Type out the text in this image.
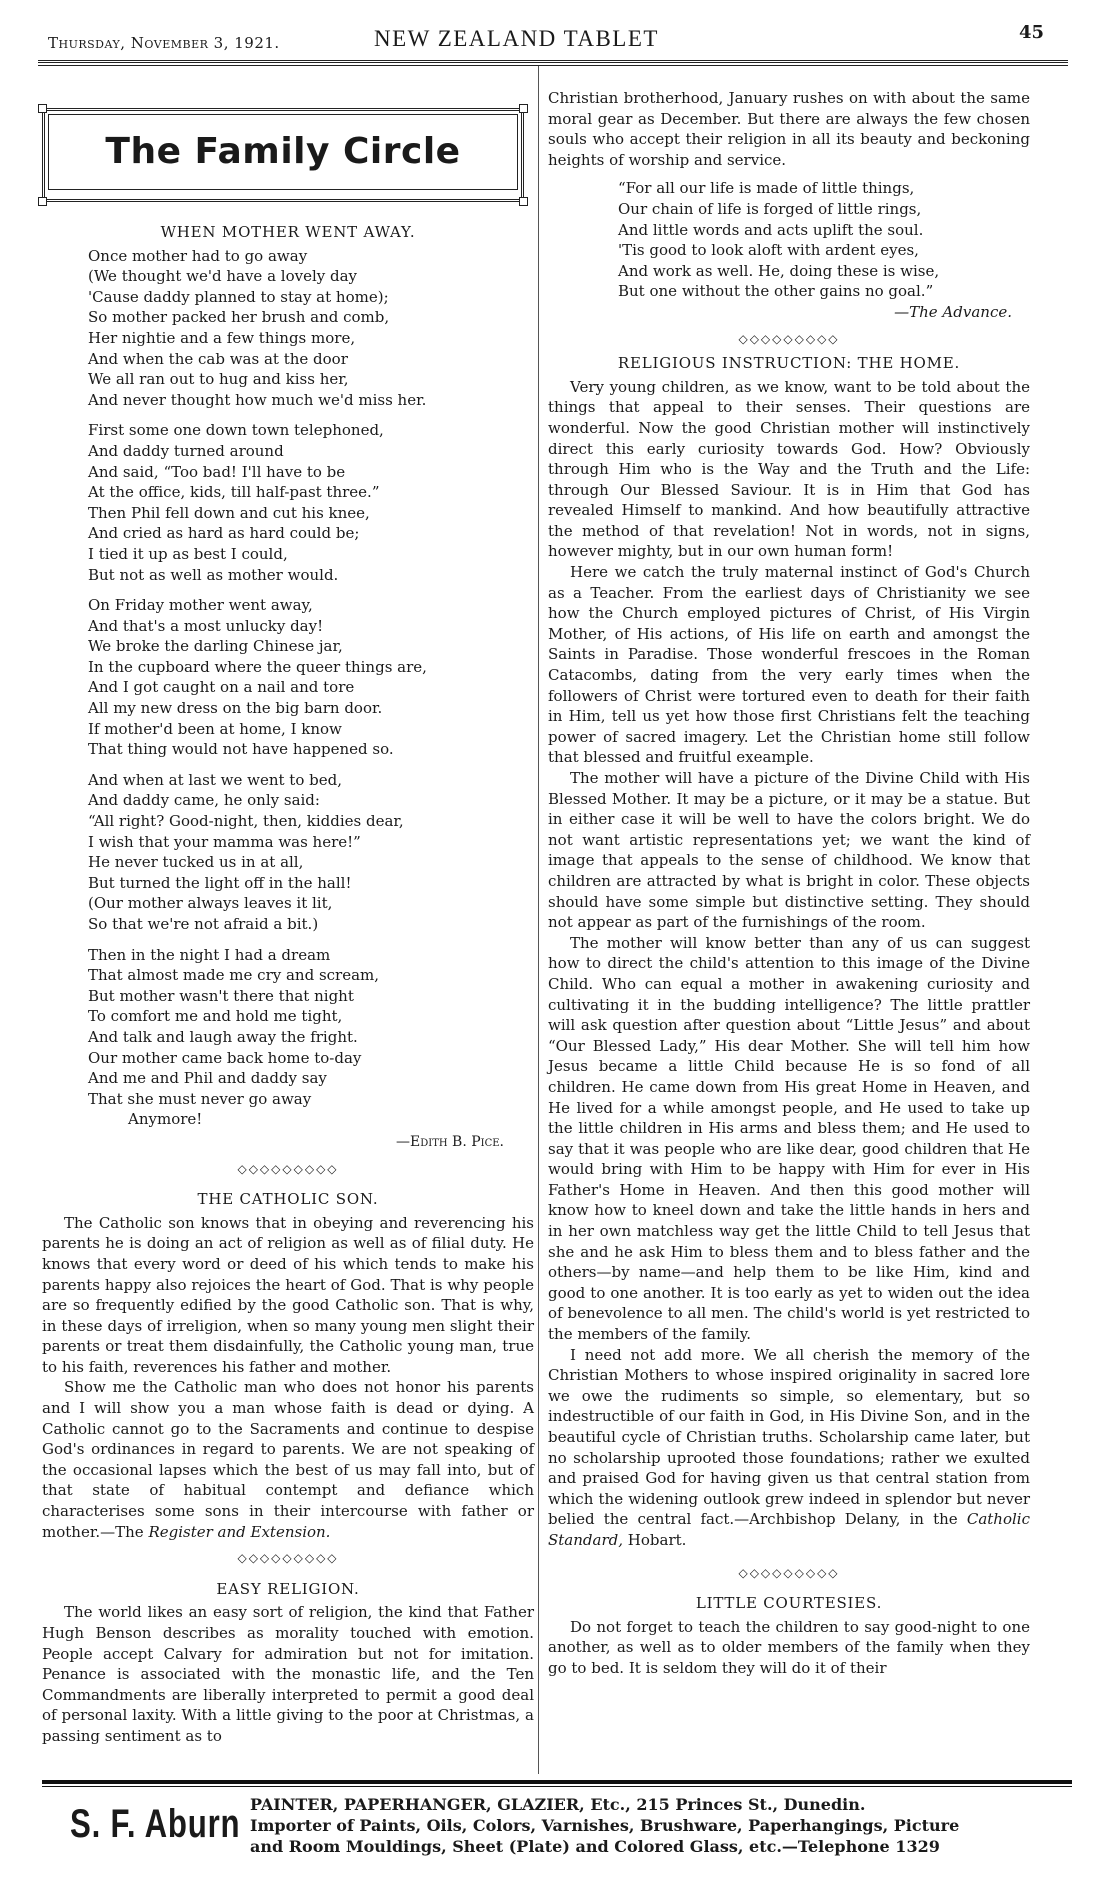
Thursday, November 3, 1921.	NEW ZEALAND TABLET	45
The Family Circle
WHEN MOTHER WENT AWAY.
Once mother had to go away
(We thought we'd have a lovely day
'Cause daddy planned to stay at home);
So mother packed her brush and comb,
Her nightie and a few things more,
And when the cab was at the door
We all ran out to hug and kiss her,
And never thought how much we'd miss her.
First some one down town telephoned,
And daddy turned around
And said, “Too bad! I'll have to be
At the office, kids, till half-past three.”
Then Phil fell down and cut his knee,
And cried as hard as hard could be;
I tied it up as best I could,
But not as well as mother would.
On Friday mother went away,
And that's a most unlucky day!
We broke the darling Chinese jar,
In the cupboard where the queer things are,
And I got caught on a nail and tore
All my new dress on the big barn door.
If mother'd been at home, I know
That thing would not have happened so.
And when at last we went to bed,
And daddy came, he only said:
“All right? Good-night, then, kiddies dear,
I wish that your mamma was here!”
He never tucked us in at all,
But turned the light off in the hall!
(Our mother always leaves it lit,
So that we're not afraid a bit.)
Then in the night I had a dream
That almost made me cry and scream,
But mother wasn't there that night
To comfort me and hold me tight,
And talk and laugh away the fright.
Our mother came back home to-day
And me and Phil and daddy say
That she must never go away
Anymore!
—Edith B. Pice.
◇◇◇◇◇◇◇◇◇
THE CATHOLIC SON.

The Catholic son knows that in obeying and reverencing his parents he is doing an act of religion as well as of filial duty. He knows that every word or deed of his which tends to make his parents happy also rejoices the heart of God. That is why people are so frequently edified by the good Catholic son. That is why, in these days of irreligion, when so many young men slight their parents or treat them disdainfully, the Catholic young man, true to his faith, reverences his father and mother.

Show me the Catholic man who does not honor his parents and I will show you a man whose faith is dead or dying. A Catholic cannot go to the Sacraments and continue to despise God's ordinances in regard to parents. We are not speaking of the occasional lapses which the best of us may fall into, but of that state of habitual contempt and defiance which characterises some sons in their intercourse with father or mother.—The Register and Extension.

◇◇◇◇◇◇◇◇◇
EASY RELIGION.

The world likes an easy sort of religion, the kind that Father Hugh Benson describes as morality touched with emotion. People accept Calvary for admiration but not for imitation. Penance is associated with the monastic life, and the Ten Commandments are liberally interpreted to permit a good deal of personal laxity. With a little giving to the poor at Christmas, a passing sentiment as to

Christian brotherhood, January rushes on with about the same moral gear as December. But there are always the few chosen souls who accept their religion in all its beauty and beckoning heights of worship and service.

“For all our life is made of little things,
Our chain of life is forged of little rings,
And little words and acts uplift the soul.
'Tis good to look aloft with ardent eyes,
And work as well. He, doing these is wise,
But one without the other gains no goal.”
—The Advance.
◇◇◇◇◇◇◇◇◇
RELIGIOUS INSTRUCTION: THE HOME.

Very young children, as we know, want to be told about the things that appeal to their senses. Their questions are wonderful. Now the good Christian mother will instinctively direct this early curiosity towards God. How? Obviously through Him who is the Way and the Truth and the Life: through Our Blessed Saviour. It is in Him that God has revealed Himself to mankind. And how beautifully attractive the method of that revelation! Not in words, not in signs, however mighty, but in our own human form!

Here we catch the truly maternal instinct of God's Church as a Teacher. From the earliest days of Christianity we see how the Church employed pictures of Christ, of His Virgin Mother, of His actions, of His life on earth and amongst the Saints in Paradise. Those wonderful frescoes in the Roman Catacombs, dating from the very early times when the followers of Christ were tortured even to death for their faith in Him, tell us yet how those first Christians felt the teaching power of sacred imagery. Let the Christian home still follow that blessed and fruitful exeample.

The mother will have a picture of the Divine Child with His Blessed Mother. It may be a picture, or it may be a statue. But in either case it will be well to have the colors bright. We do not want artistic representations yet; we want the kind of image that appeals to the sense of childhood. We know that children are attracted by what is bright in color. These objects should have some simple but distinctive setting. They should not appear as part of the furnishings of the room.

The mother will know better than any of us can suggest how to direct the child's attention to this image of the Divine Child. Who can equal a mother in awakening curiosity and cultivating it in the budding intelligence? The little prattler will ask question after question about “Little Jesus” and about “Our Blessed Lady,” His dear Mother. She will tell him how Jesus became a little Child because He is so fond of all children. He came down from His great Home in Heaven, and He lived for a while amongst people, and He used to take up the little children in His arms and bless them; and He used to say that it was people who are like dear, good children that He would bring with Him to be happy with Him for ever in His Father's Home in Heaven. And then this good mother will know how to kneel down and take the little hands in hers and in her own matchless way get the little Child to tell Jesus that she and he ask Him to bless them and to bless father and the others—by name—and help them to be like Him, kind and good to one another. It is too early as yet to widen out the idea of benevolence to all men. The child's world is yet restricted to the members of the family.

I need not add more. We all cherish the memory of the Christian Mothers to whose inspired originality in sacred lore we owe the rudiments so simple, so elementary, but so indestructible of our faith in God, in His Divine Son, and in the beautiful cycle of Christian truths. Scholarship came later, but no scholarship uprooted those foundations; rather we exulted and praised God for having given us that central station from which the widening outlook grew indeed in splendor but never belied the central fact.—Archbishop Delany, in the Catholic Standard, Hobart.

◇◇◇◇◇◇◇◇◇
LITTLE COURTESIES.

Do not forget to teach the children to say good-night to one another, as well as to older members of the family when they go to bed. It is seldom they will do it of their

S. F. Aburn PAINTER, PAPERHANGER, GLAZIER, Etc., 215 Princes St., Dunedin.
Importer of Paints, Oils, Colors, Varnishes, Brushware, Paperhangings, Picture
and Room Mouldings, Sheet (Plate) and Colored Glass, etc.—Telephone 1329
